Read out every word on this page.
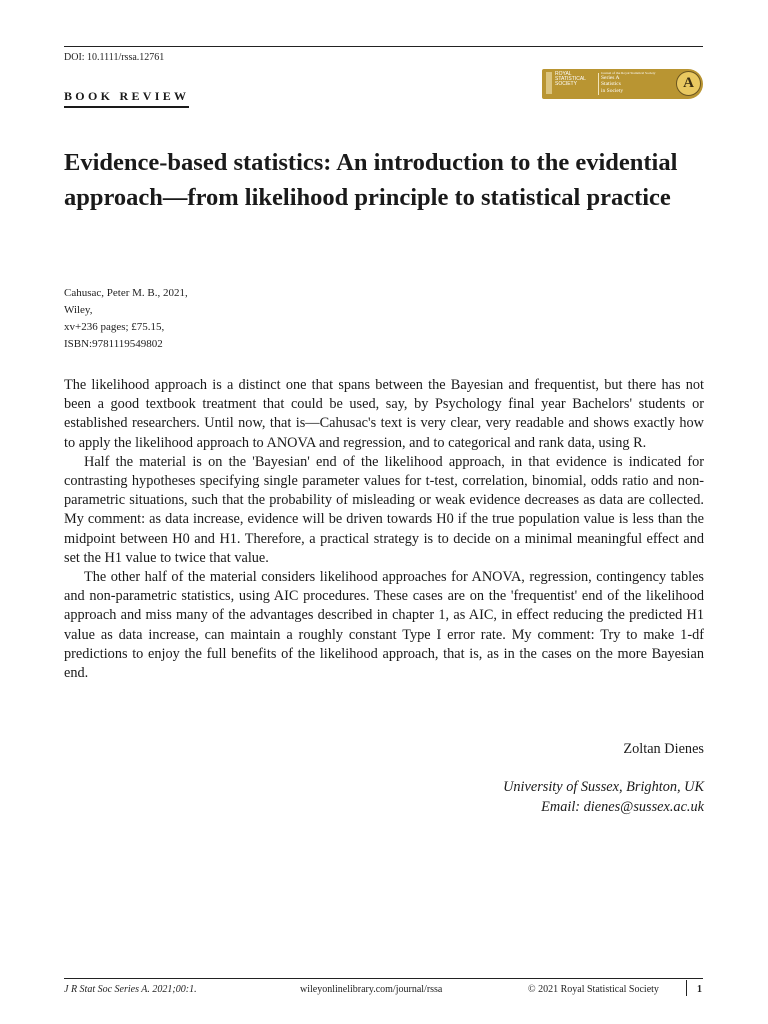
DOI: 10.1111/rssa.12761
BOOK REVIEW
ROYAL
STATISTICAL
SOCIETY
Journal of the Royal Statistical Society
Series A
Statistics
in Society	A
Evidence-based statistics: An introduction to the evidential approach—from likelihood principle to statistical practice
Cahusac, Peter M. B., 2021,
Wiley,
xv+236 pages; £75.15,
ISBN:9781119549802

The likelihood approach is a distinct one that spans between the Bayesian and frequentist, but there has not been a good textbook treatment that could be used, say, by Psychology final year Bachelors' students or established researchers. Until now, that is—Cahusac's text is very clear, very readable and shows exactly how to apply the likelihood approach to ANOVA and regression, and to categorical and rank data, using R.

Half the material is on the 'Bayesian' end of the likelihood approach, in that evidence is indicated for contrasting hypotheses specifying single parameter values for t-test, correlation, binomial, odds ratio and non-parametric situations, such that the probability of misleading or weak evidence decreases as data are collected. My comment: as data increase, evidence will be driven towards H0 if the true population value is less than the midpoint between H0 and H1. Therefore, a practical strategy is to decide on a minimal meaningful effect and set the H1 value to twice that value.

The other half of the material considers likelihood approaches for ANOVA, regression, contingency tables and non-parametric statistics, using AIC procedures. These cases are on the 'frequentist' end of the likelihood approach and miss many of the advantages described in chapter 1, as AIC, in effect reducing the predicted H1 value as data increase, can maintain a roughly constant Type I error rate. My comment: Try to make 1-df predictions to enjoy the full benefits of the likelihood approach, that is, as in the cases on the more Bayesian end.

Zoltan Dienes
University of Sussex, Brighton, UK
Email: dienes@sussex.ac.uk
J R Stat Soc Series A. 2021;00:1.	wileyonlinelibrary.com/journal/rssa	© 2021 Royal Statistical Society	1
